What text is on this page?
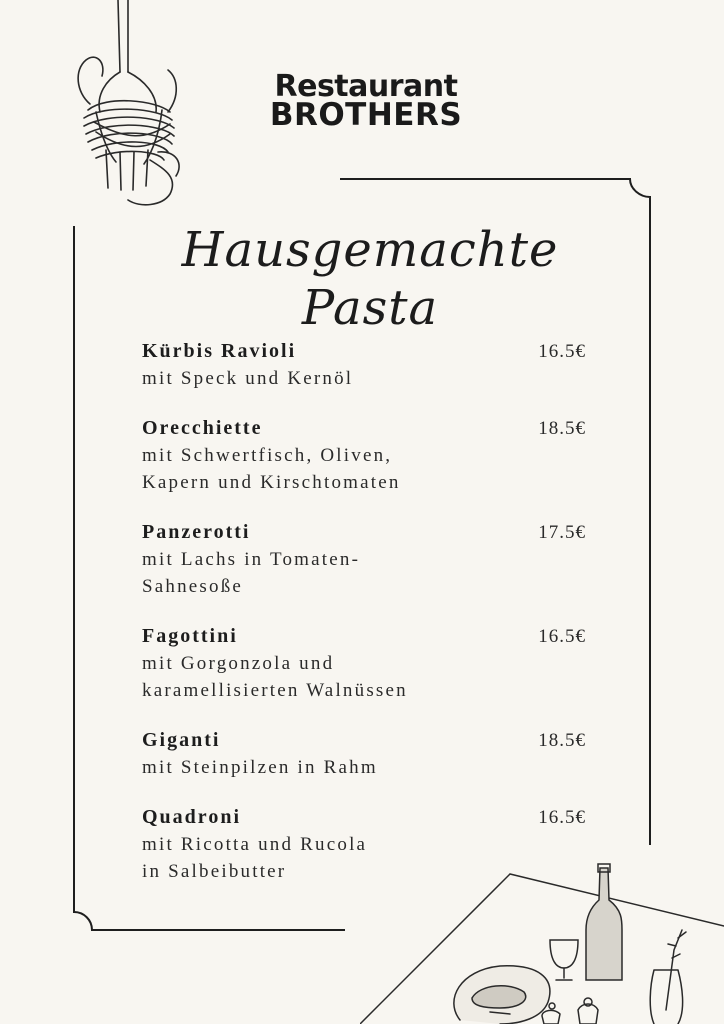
Restaurant
BROTHERS
Hausgemachte Pasta
Kürbis Ravioli
mit Speck und Kernöl
16.5€
Orecchiette
mit Schwertfisch, Oliven,
Kapern und Kirschtomaten
18.5€
Panzerotti
mit Lachs in Tomaten-
Sahnesoße
17.5€
Fagottini
mit Gorgonzola und
karamellisierten Walnüssen
16.5€
Giganti
mit Steinpilzen in Rahm
18.5€
Quadroni
mit Ricotta und Rucola
in Salbeibutter
16.5€
